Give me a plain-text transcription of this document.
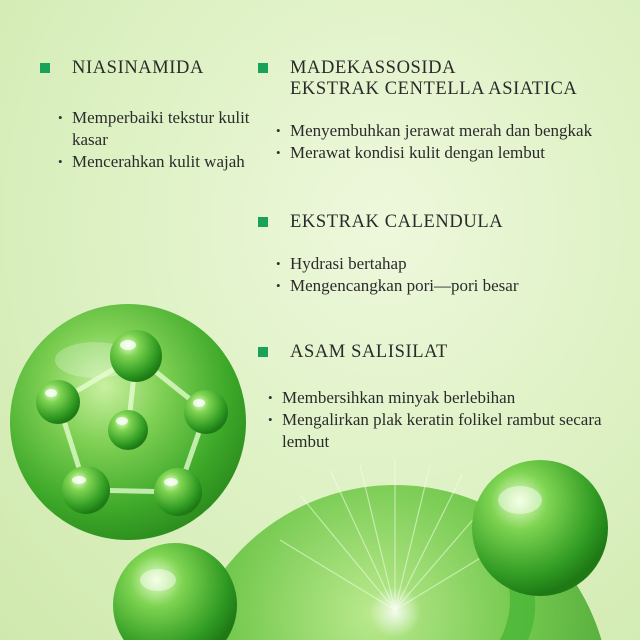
NIASINAMIDA
• Memperbaiki tekstur kulit kasar
• Mencerahkan kulit wajah
MADEKASSOSIDA
EKSTRAK CENTELLA ASIATICA
• Menyembuhkan jerawat merah dan bengkak
• Merawat kondisi kulit dengan lembut
EKSTRAK CALENDULA
• Hydrasi bertahap
• Mengencangkan pori—pori besar
ASAM SALISILAT
• Membersihkan minyak berlebihan
• Mengalirkan plak keratin folikel rambut secara lembut
